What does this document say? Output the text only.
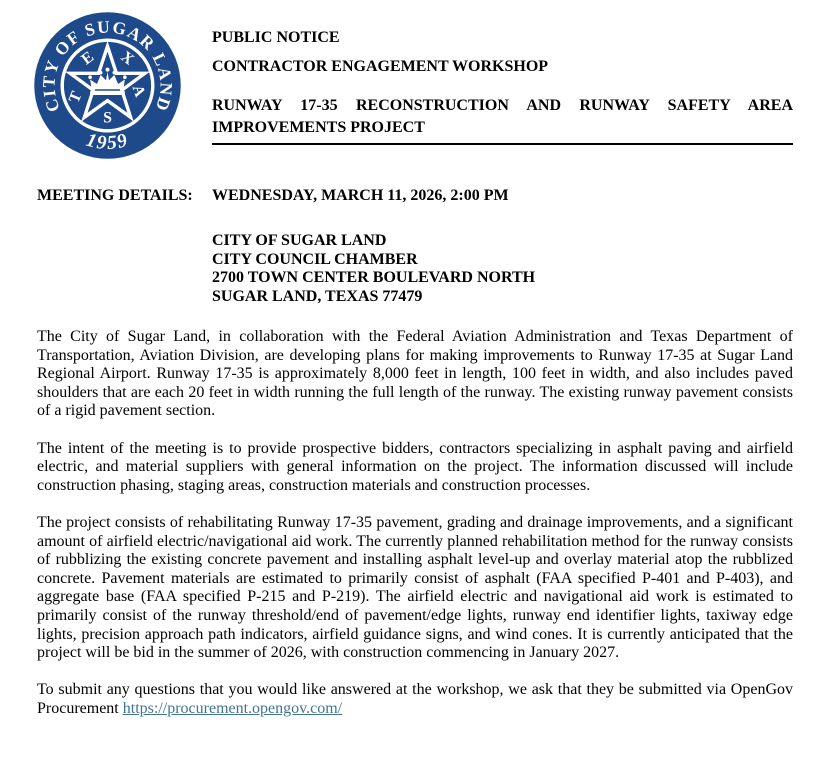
CITY OF SUGAR LAND
1959
T
E X
A
S
PUBLIC NOTICE
CONTRACTOR ENGAGEMENT WORKSHOP
RUNWAY 17-35 RECONSTRUCTION AND RUNWAY SAFETY AREA IMPROVEMENTS PROJECT
MEETING DETAILS:	WEDNESDAY, MARCH 11, 2026, 2:00 PM
CITY OF SUGAR LAND
CITY COUNCIL CHAMBER
2700 TOWN CENTER BOULEVARD NORTH
SUGAR LAND, TEXAS 77479

The City of Sugar Land, in collaboration with the Federal Aviation Administration and Texas Department of Transportation, Aviation Division, are developing plans for making improvements to Runway 17-35 at Sugar Land Regional Airport. Runway 17-35 is approximately 8,000 feet in length, 100 feet in width, and also includes paved shoulders that are each 20 feet in width running the full length of the runway. The existing runway pavement consists of a rigid pavement section.

The intent of the meeting is to provide prospective bidders, contractors specializing in asphalt paving and airfield electric, and material suppliers with general information on the project. The information discussed will include construction phasing, staging areas, construction materials and construction processes.

The project consists of rehabilitating Runway 17-35 pavement, grading and drainage improvements, and a significant amount of airfield electric/navigational aid work. The currently planned rehabilitation method for the runway consists of rubblizing the existing concrete pavement and installing asphalt level-up and overlay material atop the rubblized concrete. Pavement materials are estimated to primarily consist of asphalt (FAA specified P-401 and P-403), and aggregate base (FAA specified P-215 and P-219). The airfield electric and navigational aid work is estimated to primarily consist of the runway threshold/end of pavement/edge lights, runway end identifier lights, taxiway edge lights, precision approach path indicators, airfield guidance signs, and wind cones. It is currently anticipated that the project will be bid in the summer of 2026, with construction commencing in January 2027.

To submit any questions that you would like answered at the workshop, we ask that they be submitted via OpenGov Procurement https://procurement.opengov.com/
